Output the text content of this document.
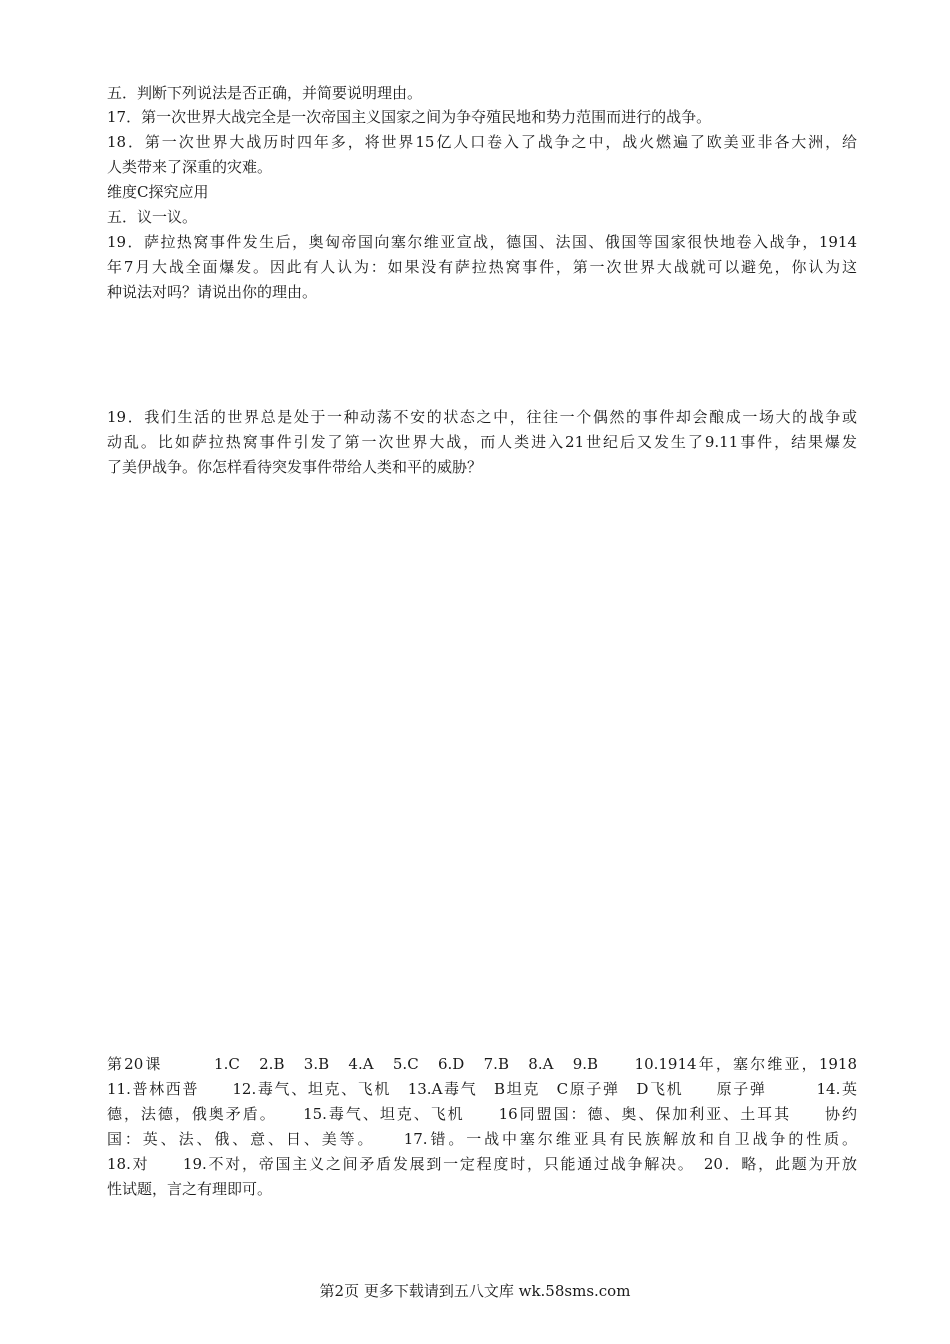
五．判断下列说法是否正确，并简要说明理由。
17．第一次世界大战完全是一次帝国主义国家之间为争夺殖民地和势力范围而进行的战争。
18．第一次世界大战历时四年多，将世界15亿人口卷入了战争之中，战火燃遍了欧美亚非各大洲，给
人类带来了深重的灾难。
维度C探究应用
五．议一议。
19．萨拉热窝事件发生后，奥匈帝国向塞尔维亚宣战，德国、法国、俄国等国家很快地卷入战争，1914
年7月大战全面爆发。因此有人认为：如果没有萨拉热窝事件，第一次世界大战就可以避免，你认为这
种说法对吗？请说出你的理由。
19．我们生活的世界总是处于一种动荡不安的状态之中，往往一个偶然的事件却会酿成一场大的战争或
动乱。比如萨拉热窝事件引发了第一次世界大战，而人类进入21世纪后又发生了9.11事件，结果爆发
了美伊战争。你怎样看待突发事件带给人类和平的威胁？
第20课　　　1.C　2.B　3.B　4.A　5.C　6.D　7.B　8.A　9.B　　10.1914年，塞尔维亚，1918
11.普林西普　　12.毒气、坦克、飞机　13.A毒气　B坦克　C原子弹　D飞机　　原子弹　　　14.英
德，法德，俄奥矛盾。　　15.毒气、坦克、飞机　　16同盟国：德、奥、保加利亚、土耳其　　协约
国：英、法、俄、意、日、美等。　　17.错。一战中塞尔维亚具有民族解放和自卫战争的性质。
18.对　　19.不对，帝国主义之间矛盾发展到一定程度时，只能通过战争解决。　20．略，此题为开放
性试题，言之有理即可。
第2页 更多下载请到五八文库 wk.58sms.com
